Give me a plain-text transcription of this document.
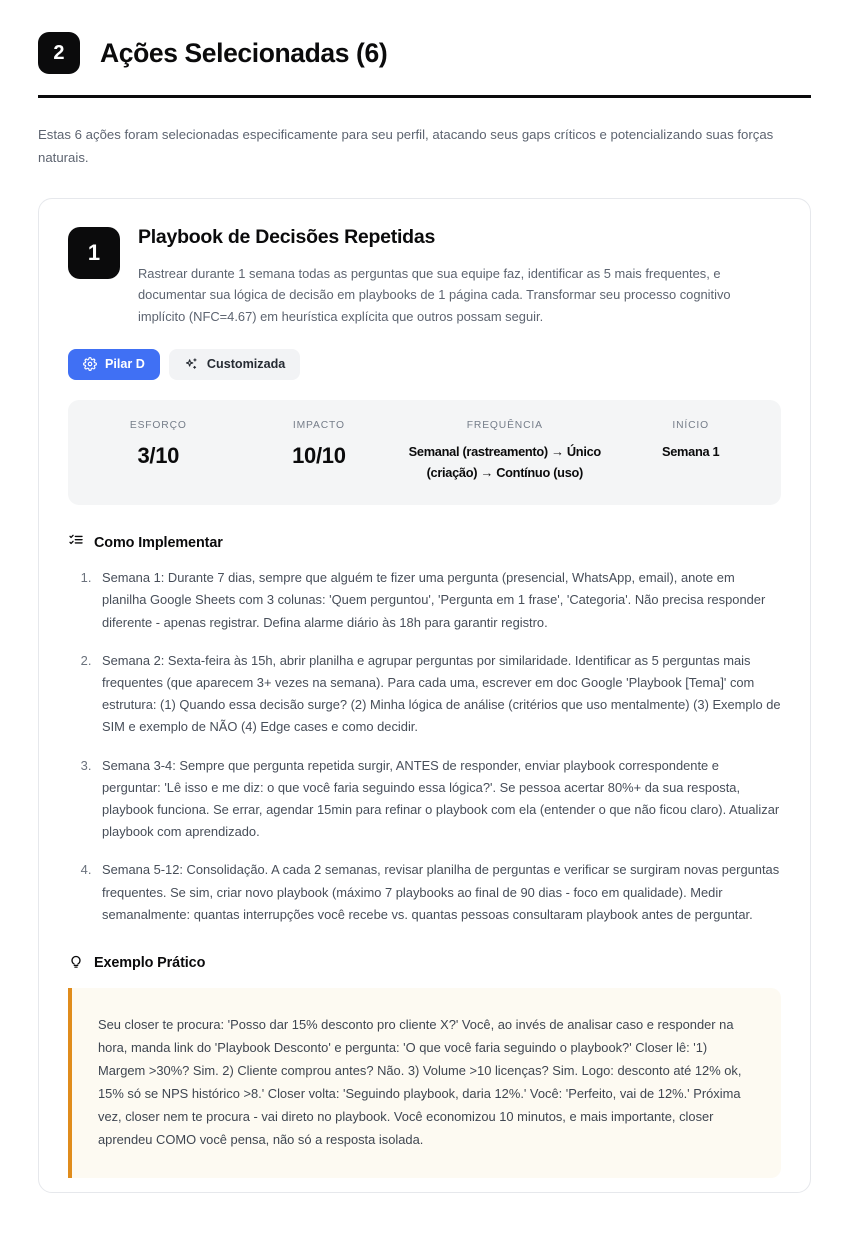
2	Ações Selecionadas (6)

Estas 6 ações foram selecionadas especificamente para seu perfil, atacando seus gaps críticos e potencializando suas forças naturais.

1
Playbook de Decisões Repetidas

Rastrear durante 1 semana todas as perguntas que sua equipe faz, identificar as 5 mais frequentes, e documentar sua lógica de decisão em playbooks de 1 página cada. Transformar seu processo cognitivo implícito (NFC=4.67) em heurística explícita que outros possam seguir.

Pilar D	Customizada
ESFORÇO
3/10
IMPACTO
10/10
FREQUÊNCIA
Semanal (rastreamento) → Único (criação) → Contínuo (uso)
INÍCIO
Semana 1
Como Implementar
1. Semana 1: Durante 7 dias, sempre que alguém te fizer uma pergunta (presencial, WhatsApp, email), anote em planilha Google Sheets com 3 colunas: 'Quem perguntou', 'Pergunta em 1 frase', 'Categoria'. Não precisa responder diferente - apenas registrar. Defina alarme diário às 18h para garantir registro.
2. Semana 2: Sexta-feira às 15h, abrir planilha e agrupar perguntas por similaridade. Identificar as 5 perguntas mais frequentes (que aparecem 3+ vezes na semana). Para cada uma, escrever em doc Google 'Playbook [Tema]' com estrutura: (1) Quando essa decisão surge? (2) Minha lógica de análise (critérios que uso mentalmente) (3) Exemplo de SIM e exemplo de NÃO (4) Edge cases e como decidir.
3. Semana 3-4: Sempre que pergunta repetida surgir, ANTES de responder, enviar playbook correspondente e perguntar: 'Lê isso e me diz: o que você faria seguindo essa lógica?'. Se pessoa acertar 80%+ da sua resposta, playbook funciona. Se errar, agendar 15min para refinar o playbook com ela (entender o que não ficou claro). Atualizar playbook com aprendizado.
4. Semana 5-12: Consolidação. A cada 2 semanas, revisar planilha de perguntas e verificar se surgiram novas perguntas frequentes. Se sim, criar novo playbook (máximo 7 playbooks ao final de 90 dias - foco em qualidade). Medir semanalmente: quantas interrupções você recebe vs. quantas pessoas consultaram playbook antes de perguntar.
Exemplo Prático

Seu closer te procura: 'Posso dar 15% desconto pro cliente X?' Você, ao invés de analisar caso e responder na hora, manda link do 'Playbook Desconto' e pergunta: 'O que você faria seguindo o playbook?' Closer lê: '1) Margem >30%? Sim. 2) Cliente comprou antes? Não. 3) Volume >10 licenças? Sim. Logo: desconto até 12% ok, 15% só se NPS histórico >8.' Closer volta: 'Seguindo playbook, daria 12%.' Você: 'Perfeito, vai de 12%.' Próxima vez, closer nem te procura - vai direto no playbook. Você economizou 10 minutos, e mais importante, closer aprendeu COMO você pensa, não só a resposta isolada.
